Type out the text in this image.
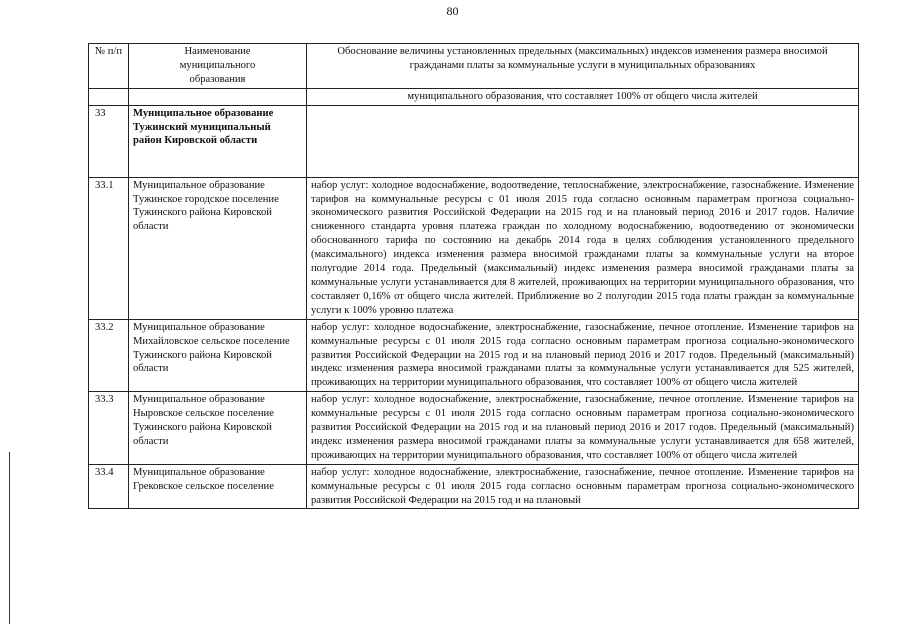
80
№ п/п	Наименование муниципального образования	Обоснование величины установленных предельных (максимальных) индексов изменения размера вносимой гражданами платы за коммунальные услуги в муниципальных образованиях
		муниципального образования, что составляет 100% от общего числа жителей
33	Муниципальное образование Тужинский муниципальный район Кировской области	
33.1	Муниципальное образование Тужинское городское поселение Тужинского района Кировской области	набор услуг: холодное водоснабжение, водоотведение, теплоснабжение, электроснабжение, газоснабжение. Изменение тарифов на коммунальные ресурсы с 01 июля 2015 года согласно основным параметрам прогноза социально-экономического развития Российской Федерации на 2015 год и на плановый период 2016 и 2017 годов. Наличие сниженного стандарта уровня платежа граждан по холодному водоснабжению, водоотведению от экономически обоснованного тарифа по состоянию на декабрь 2014 года в целях соблюдения установленного предельного (максимального) индекса изменения размера вносимой гражданами платы за коммунальные услуги на второе полугодие 2014 года. Предельный (максимальный) индекс изменения размера вносимой гражданами платы за коммунальные услуги устанавливается для 8 жителей, проживающих на территории муниципального образования, что составляет 0,16% от общего числа жителей. Приближение во 2 полугодии 2015 года платы граждан за коммунальные услуги к 100% уровню платежа
33.2	Муниципальное образование Михайловское сельское поселение Тужинского района Кировской области	набор услуг: холодное водоснабжение, электроснабжение, газоснабжение, печное отопление. Изменение тарифов на коммунальные ресурсы с 01 июля 2015 года согласно основным параметрам прогноза социально-экономического развития Российской Федерации на 2015 год и на плановый период 2016 и 2017 годов. Предельный (максимальный) индекс изменения размера вносимой гражданами платы за коммунальные услуги устанавливается для 525 жителей, проживающих на территории муниципального образования, что составляет 100% от общего числа жителей
33.3	Муниципальное образование Ныровское сельское поселение Тужинского района Кировской области	набор услуг: холодное водоснабжение, электроснабжение, газоснабжение, печное отопление. Изменение тарифов на коммунальные ресурсы с 01 июля 2015 года согласно основным параметрам прогноза социально-экономического развития Российской Федерации на 2015 год и на плановый период 2016 и 2017 годов. Предельный (максимальный) индекс изменения размера вносимой гражданами платы за коммунальные услуги устанавливается для 658 жителей, проживающих на территории муниципального образования, что составляет 100% от общего числа жителей
33.4	Муниципальное образование Грековское сельское поселение	набор услуг: холодное водоснабжение, электроснабжение, газоснабжение, печное отопление. Изменение тарифов на коммунальные ресурсы с 01 июля 2015 года согласно основным параметрам прогноза социально-экономического развития Российской Федерации на 2015 год и на плановый
